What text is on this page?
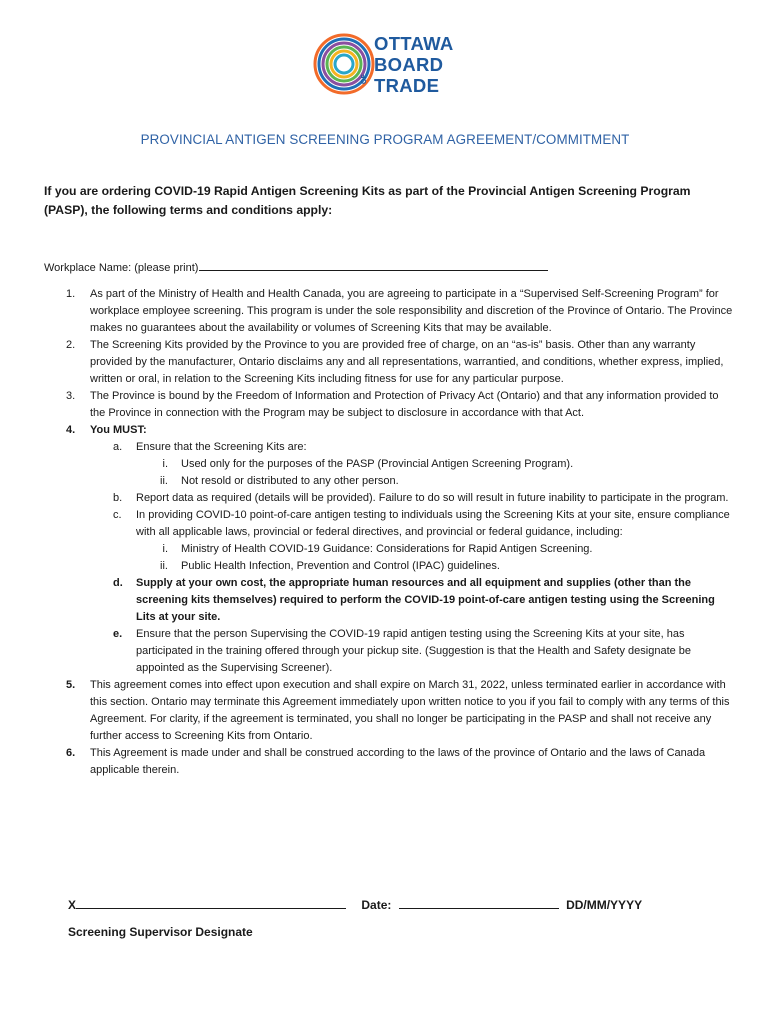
OTTAWA
BOARD
OF TRADE
PROVINCIAL ANTIGEN SCREENING PROGRAM AGREEMENT/COMMITMENT
If you are ordering COVID-19 Rapid Antigen Screening Kits as part of the Provincial Antigen Screening Program (PASP), the following terms and conditions apply:
Workplace Name: (please print)
1.	As part of the Ministry of Health and Health Canada, you are agreeing to participate in a “Supervised Self-Screening Program” for workplace employee screening. This program is under the sole responsibility and discretion of the Province of Ontario. The Province makes no guarantees about the availability or volumes of Screening Kits that may be available.
2.	The Screening Kits provided by the Province to you are provided free of charge, on an “as-is” basis. Other than any warranty provided by the manufacturer, Ontario disclaims any and all representations, warrantied, and conditions, whether express, implied, written or oral, in relation to the Screening Kits including fitness for use for any particular purpose.
3.	The Province is bound by the Freedom of Information and Protection of Privacy Act (Ontario) and that any information provided to the Province in connection with the Program may be subject to disclosure in accordance with that Act.
4.	You MUST:
a.	Ensure that the Screening Kits are:
i. Used only for the purposes of the PASP (Provincial Antigen Screening Program).
ii. Not resold or distributed to any other person.
b.	Report data as required (details will be provided). Failure to do so will result in future inability to participate in the program.
c.	In providing COVID-10 point-of-care antigen testing to individuals using the Screening Kits at your site, ensure compliance with all applicable laws, provincial or federal directives, and provincial or federal guidance, including:
i. Ministry of Health COVID-19 Guidance: Considerations for Rapid Antigen Screening.
ii. Public Health Infection, Prevention and Control (IPAC) guidelines.
d.	Supply at your own cost, the appropriate human resources and all equipment and supplies (other than the screening kits themselves) required to perform the COVID-19 point-of-care antigen testing using the Screening Lits at your site.
e.	Ensure that the person Supervising the COVID-19 rapid antigen testing using the Screening Kits at your site, has participated in the training offered through your pickup site. (Suggestion is that the Health and Safety designate be appointed as the Supervising Screener).
5.	This agreement comes into effect upon execution and shall expire on March 31, 2022, unless terminated earlier in accordance with this section. Ontario may terminate this Agreement immediately upon written notice to you if you fail to comply with any terms of this Agreement. For clarity, if the agreement is terminated, you shall no longer be participating in the PASP and shall not receive any further access to Screening Kits from Ontario.
6.	This Agreement is made under and shall be construed according to the laws of the province of Ontario and the laws of Canada applicable therein.
X	Date:	DD/MM/YYYY
Screening Supervisor Designate
